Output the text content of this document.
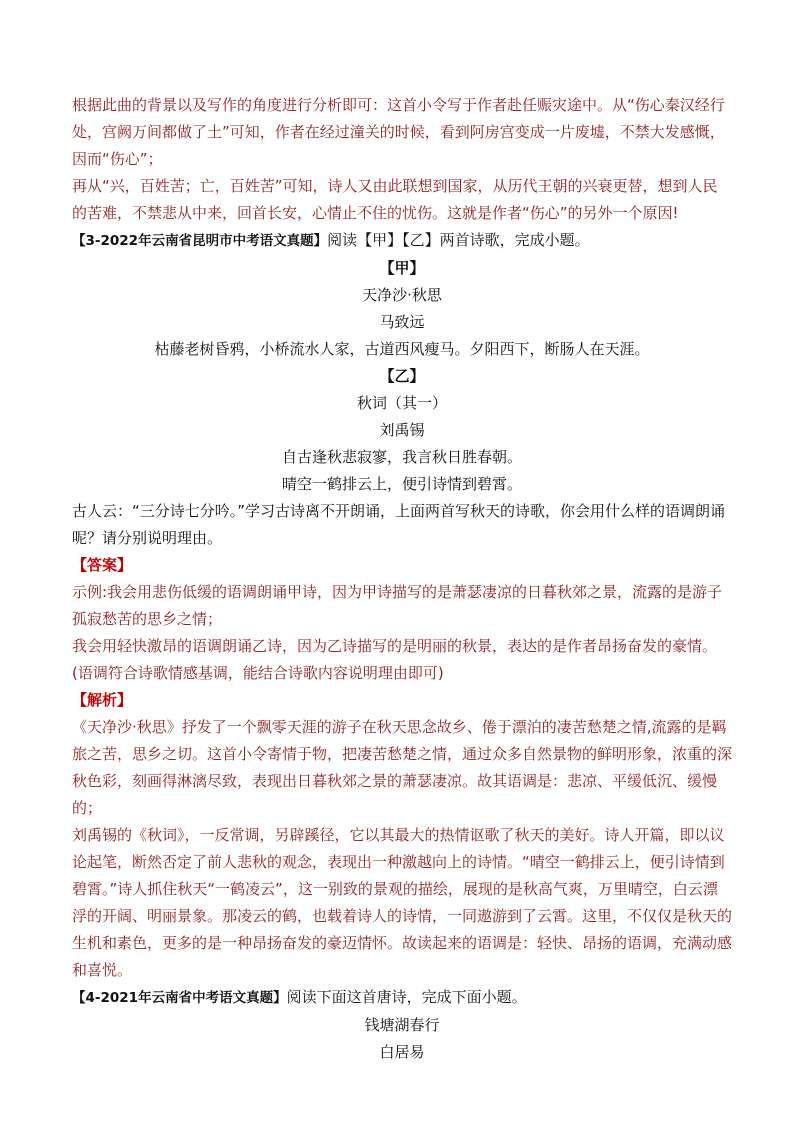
根据此曲的背景以及写作的角度进行分析即可：这首小令写于作者赴任赈灾途中。从“伤心秦汉经行处，宫阙万间都做了土”可知，作者在经过潼关的时候，看到阿房宫变成一片废墟，不禁大发感慨，因而“伤心”；

再从“兴，百姓苦；亡，百姓苦”可知，诗人又由此联想到国家，从历代王朝的兴衰更替，想到人民的苦难，不禁悲从中来，回首长安，心情止不住的忧伤。这就是作者“伤心”的另外一个原因!

【3-2022年云南省昆明市中考语文真题】阅读【甲】【乙】两首诗歌，完成小题。

【甲】

天净沙·秋思

马致远

枯藤老树昏鸦，小桥流水人家，古道西风瘦马。夕阳西下，断肠人在天涯。

【乙】

秋词（其一）

刘禹锡

自古逢秋悲寂寥，我言秋日胜春朝。

晴空一鹤排云上，便引诗情到碧霄。

古人云：“三分诗七分吟。”学习古诗离不开朗诵，上面两首写秋天的诗歌，你会用什么样的语调朗诵呢？请分别说明理由。

【答案】

示例:我会用悲伤低缓的语调朗诵甲诗，因为甲诗描写的是萧瑟凄凉的日暮秋郊之景，流露的是游子孤寂愁苦的思乡之情；

我会用轻快激昂的语调朗诵乙诗，因为乙诗描写的是明丽的秋景，表达的是作者昂扬奋发的豪情。(语调符合诗歌情感基调，能结合诗歌内容说明理由即可)

【解析】

《天净沙·秋思》抒发了一个飘零天涯的游子在秋天思念故乡、倦于漂泊的凄苦愁楚之情,流露的是羁旅之苦，思乡之切。这首小令寄情于物，把凄苦愁楚之情，通过众多自然景物的鲜明形象，浓重的深秋色彩，刻画得淋漓尽致，表现出日暮秋郊之景的萧瑟凄凉。故其语调是：悲凉、平缓低沉、缓慢的；

刘禹锡的《秋词》，一反常调，另辟蹊径，它以其最大的热情讴歌了秋天的美好。诗人开篇，即以议论起笔，断然否定了前人悲秋的观念，表现出一种激越向上的诗情。“晴空一鹤排云上，便引诗情到碧霄。”诗人抓住秋天“一鹤凌云”，这一别致的景观的描绘，展现的是秋高气爽，万里晴空，白云漂浮的开阔、明丽景象。那凌云的鹤，也载着诗人的诗情，一同遨游到了云霄。这里，不仅仅是秋天的生机和素色，更多的是一种昂扬奋发的豪迈情怀。故读起来的语调是：轻快、昂扬的语调，充满动感和喜悦。

【4-2021年云南省中考语文真题】阅读下面这首唐诗，完成下面小题。

钱塘湖春行

白居易
